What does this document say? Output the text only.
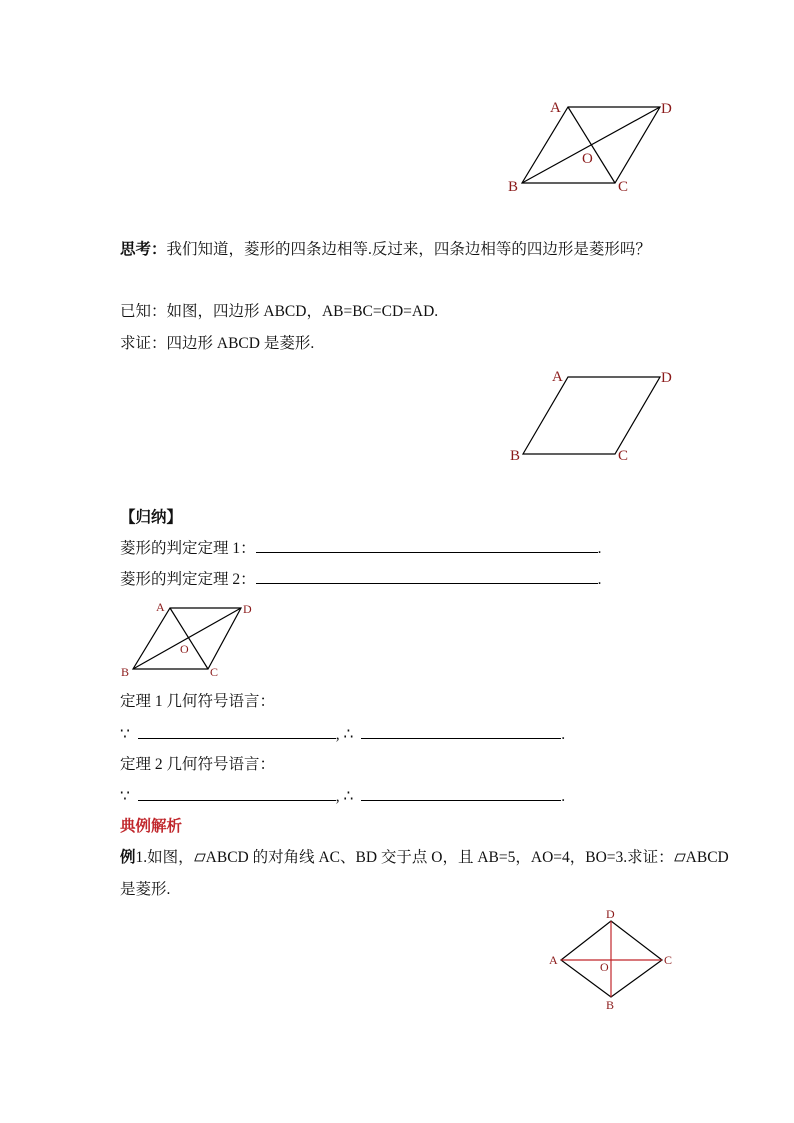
A	D
B	C
O
思考：我们知道，菱形的四条边相等.反过来，四条边相等的四边形是菱形吗？
已知：如图，四边形 ABCD，AB=BC=CD=AD.
求证：四边形 ABCD 是菱形.
A	D
B	C
【归纳】
菱形的判定定理 1：	.
菱形的判定定理 2：	.
A	D
B	C
O
定理 1 几何符号语言：
∵	, ∴	.
定理 2 几何符号语言：
∵	, ∴	.
典例解析
例1.如图， ABCD 的对角线 AC、BD 交于点 O，且 AB=5，AO=4，BO=3.求证： ABCD
是菱形.
D
A	C
B
O
